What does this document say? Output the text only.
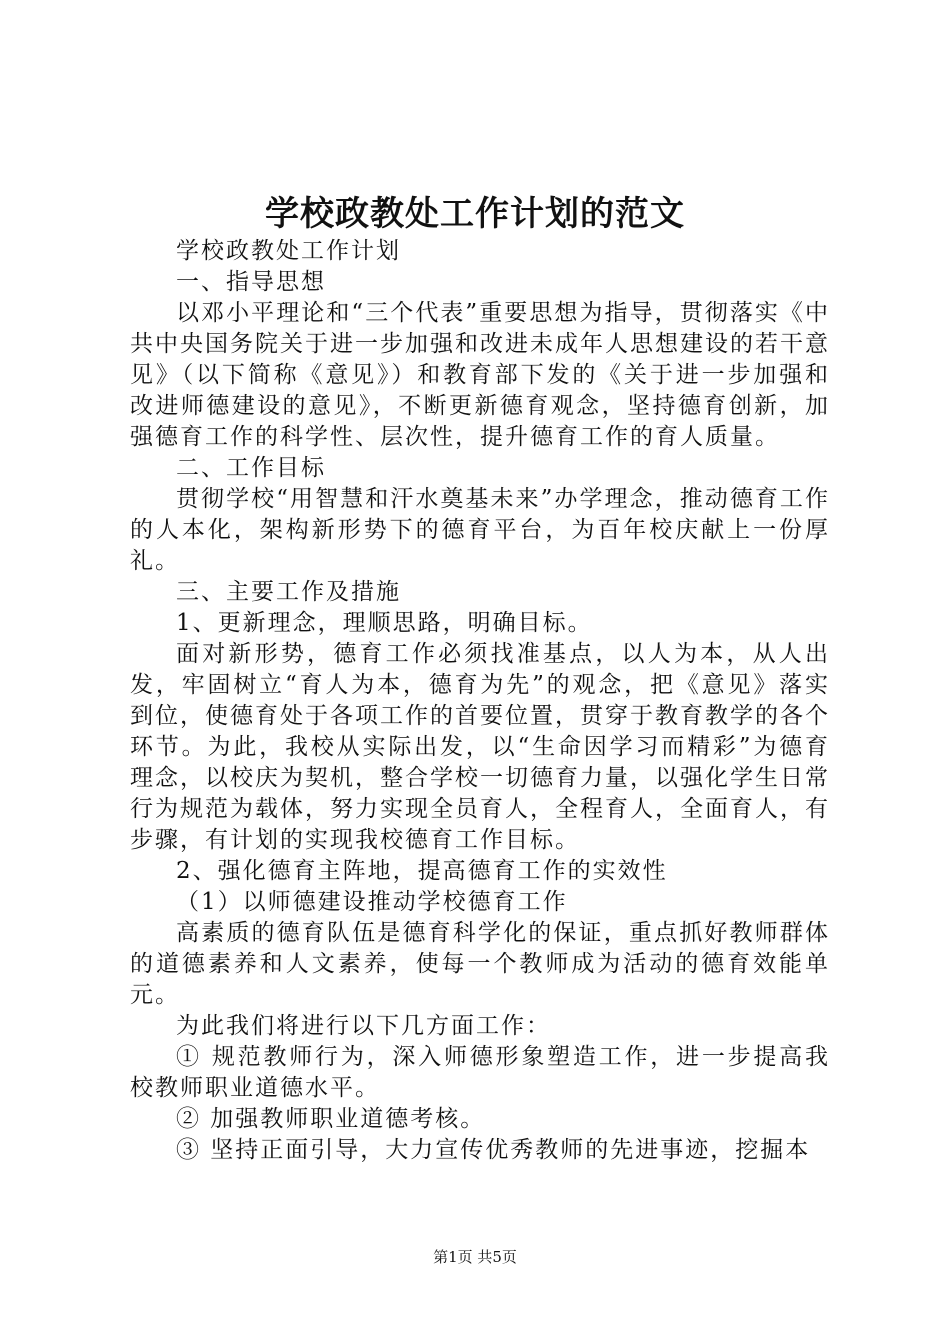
学校政教处工作计划的范文

学校政教处工作计划

一、指导思想

以邓小平理论和“三个代表”重要思想为指导，贯彻落实《中共中央国务院关于进一步加强和改进未成年人思想建设的若干意见》（以下简称《意见》）和教育部下发的《关于进一步加强和改进师德建设的意见》，不断更新德育观念，坚持德育创新，加强德育工作的科学性、层次性，提升德育工作的育人质量。

二、工作目标

贯彻学校“用智慧和汗水奠基未来”办学理念，推动德育工作的人本化，架构新形势下的德育平台，为百年校庆献上一份厚礼。

三、主要工作及措施

1、更新理念，理顺思路，明确目标。

面对新形势，德育工作必须找准基点，以人为本，从人出发，牢固树立“育人为本，德育为先”的观念，把《意见》落实到位，使德育处于各项工作的首要位置，贯穿于教育教学的各个环节。为此，我校从实际出发，以“生命因学习而精彩”为德育理念，以校庆为契机，整合学校一切德育力量，以强化学生日常行为规范为载体，努力实现全员育人，全程育人，全面育人，有步骤，有计划的实现我校德育工作目标。

2、强化德育主阵地，提高德育工作的实效性

（1）以师德建设推动学校德育工作

高素质的德育队伍是德育科学化的保证，重点抓好教师群体的道德素养和人文素养，使每一个教师成为活动的德育效能单元。

为此我们将进行以下几方面工作：

① 规范教师行为，深入师德形象塑造工作，进一步提高我校教师职业道德水平。

② 加强教师职业道德考核。

③ 坚持正面引导，大力宣传优秀教师的先进事迹，挖掘本

第1页 共5页
